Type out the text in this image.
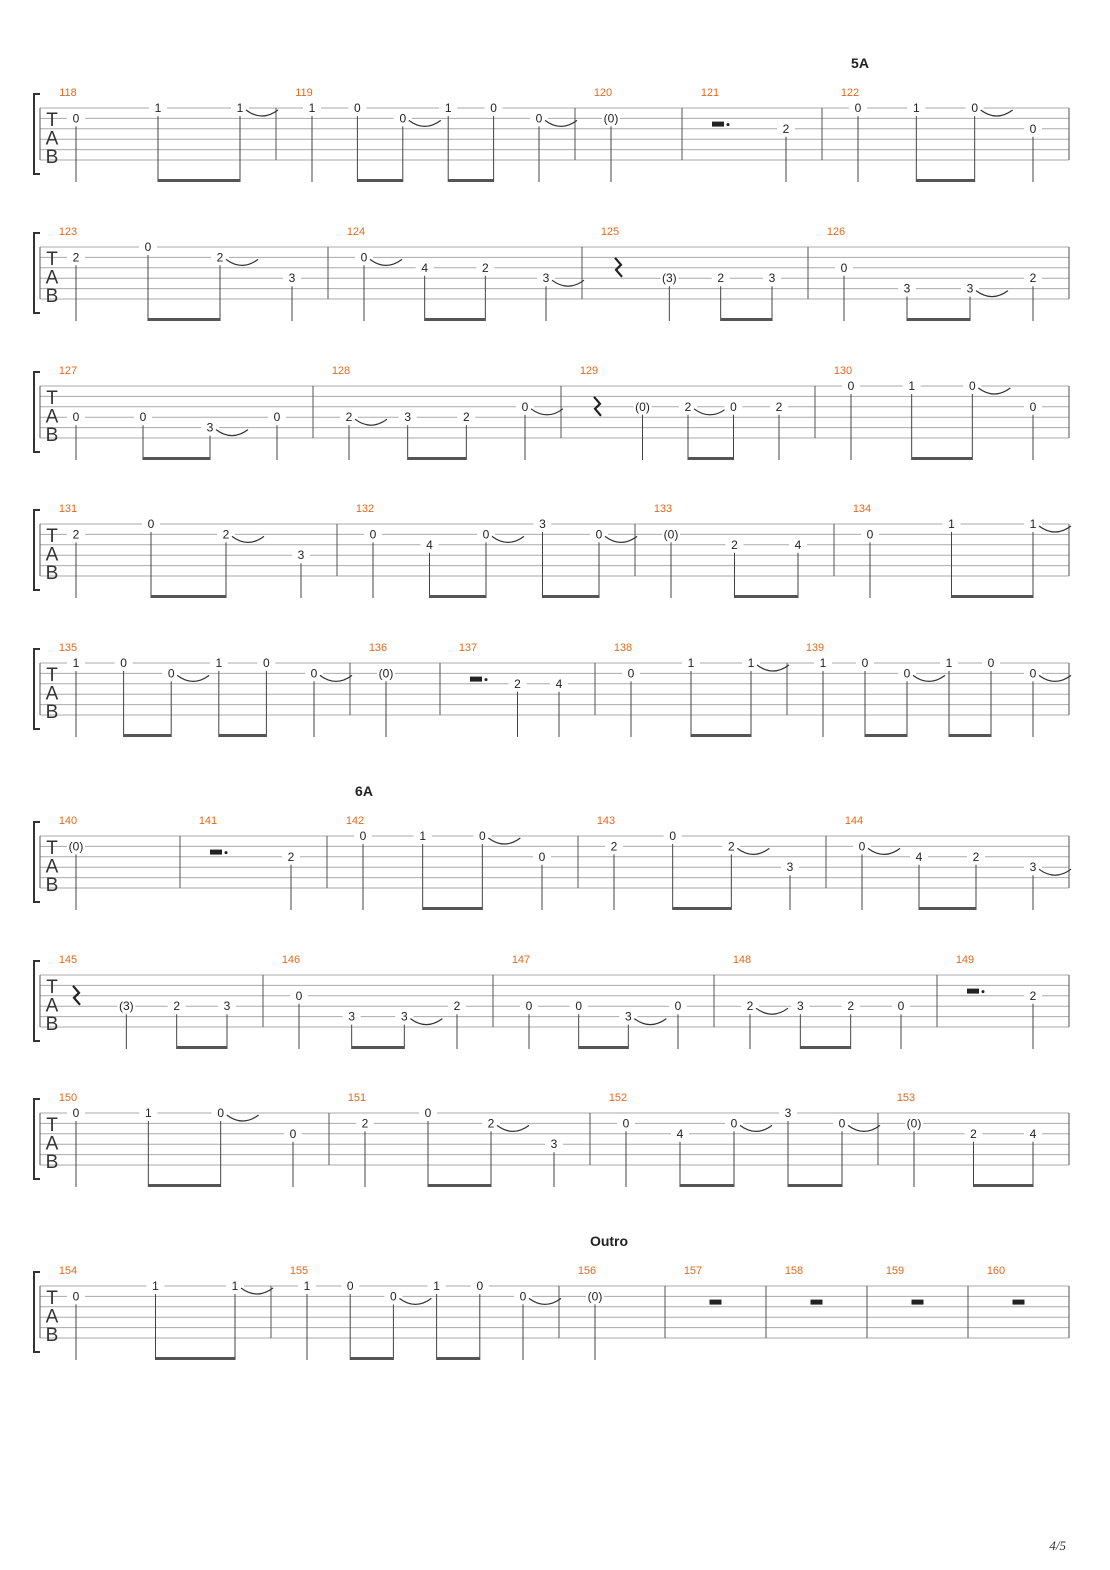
5A
T
A
B
118
0
1	1
119
1	0
0
1	0
0
120
(0)
121
2
122
0	1	0
0
T
A
B
123
2
0
2
3
124
0
4	2
3
125
(3)	2	3
126
0
3	3
2
T
A
B
127
0	0
3
0
128
2	3	2
0
129
(0)	2	0	2
130
0	1	0
0
T
A
B
131
2
0
2
3
132
0
4
0
3
0
133
(0)
2	4
134
0
1	1
T
A
B
135
1	0
0
1	0
0
136
(0)
137
2	4
138
0
1	1
139
1	0
0
1	0
0
6A
T
A
B
140
(0)
141
2
142
0	1	0
0
143
2
0
2
3
144
0
4	2
3
T
A
B
145
(3)	2	3
146
0
3	3
2
147
0	0
3
0
148
2	3	2	0
149
2
T
A
B
150
0	1	0
0
151
2
0
2
3
152
0
4
0
3
0
153
(0)
2	4
Outro
T
A
B
154
0
1	1
155
1	0
0
1	0
0
156
(0)
157	158	159	160
4/5
